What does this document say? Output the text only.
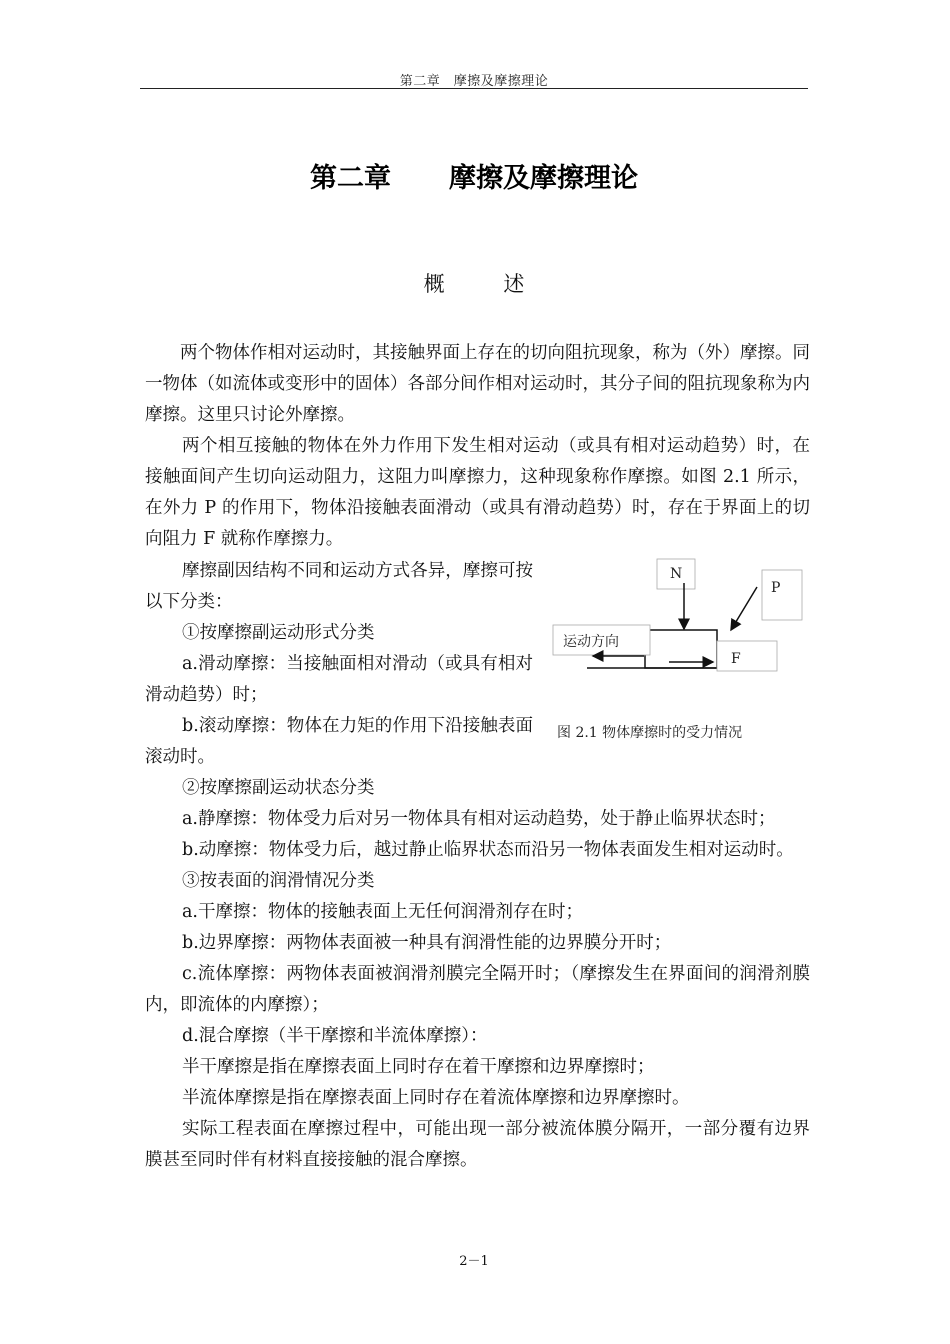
第二章　摩擦及摩擦理论
第二章 摩擦及摩擦理论
概 述

两个物体作相对运动时，其接触界面上存在的切向阻抗现象，称为（外）摩擦。同一物体（如流体或变形中的固体）各部分间作相对运动时，其分子间的阻抗现象称为内摩擦。这里只讨论外摩擦。

两个相互接触的物体在外力作用下发生相对运动（或具有相对运动趋势）时，在接触面间产生切向运动阻力，这阻力叫摩擦力，这种现象称作摩擦。如图 2.1 所示，在外力 P 的作用下，物体沿接触表面滑动（或具有滑动趋势）时，存在于界面上的切向阻力 F 就称作摩擦力。

摩擦副因结构不同和运动方式各异，摩擦可按以下分类：

①按摩擦副运动形式分类

a.滑动摩擦：当接触面相对滑动（或具有相对滑动趋势）时；

b.滚动摩擦：物体在力矩的作用下沿接触表面滚动时。

N
P
运动方向
F
图 2.1 物体摩擦时的受力情况

②按摩擦副运动状态分类

a.静摩擦：物体受力后对另一物体具有相对运动趋势，处于静止临界状态时；

b.动摩擦：物体受力后，越过静止临界状态而沿另一物体表面发生相对运动时。

③按表面的润滑情况分类

a.干摩擦：物体的接触表面上无任何润滑剂存在时；

b.边界摩擦：两物体表面被一种具有润滑性能的边界膜分开时；

c.流体摩擦：两物体表面被润滑剂膜完全隔开时；（摩擦发生在界面间的润滑剂膜内，即流体的内摩擦）；

d.混合摩擦（半干摩擦和半流体摩擦）：

半干摩擦是指在摩擦表面上同时存在着干摩擦和边界摩擦时；

半流体摩擦是指在摩擦表面上同时存在着流体摩擦和边界摩擦时。

实际工程表面在摩擦过程中，可能出现一部分被流体膜分隔开，一部分覆有边界膜甚至同时伴有材料直接接触的混合摩擦。

2－1
